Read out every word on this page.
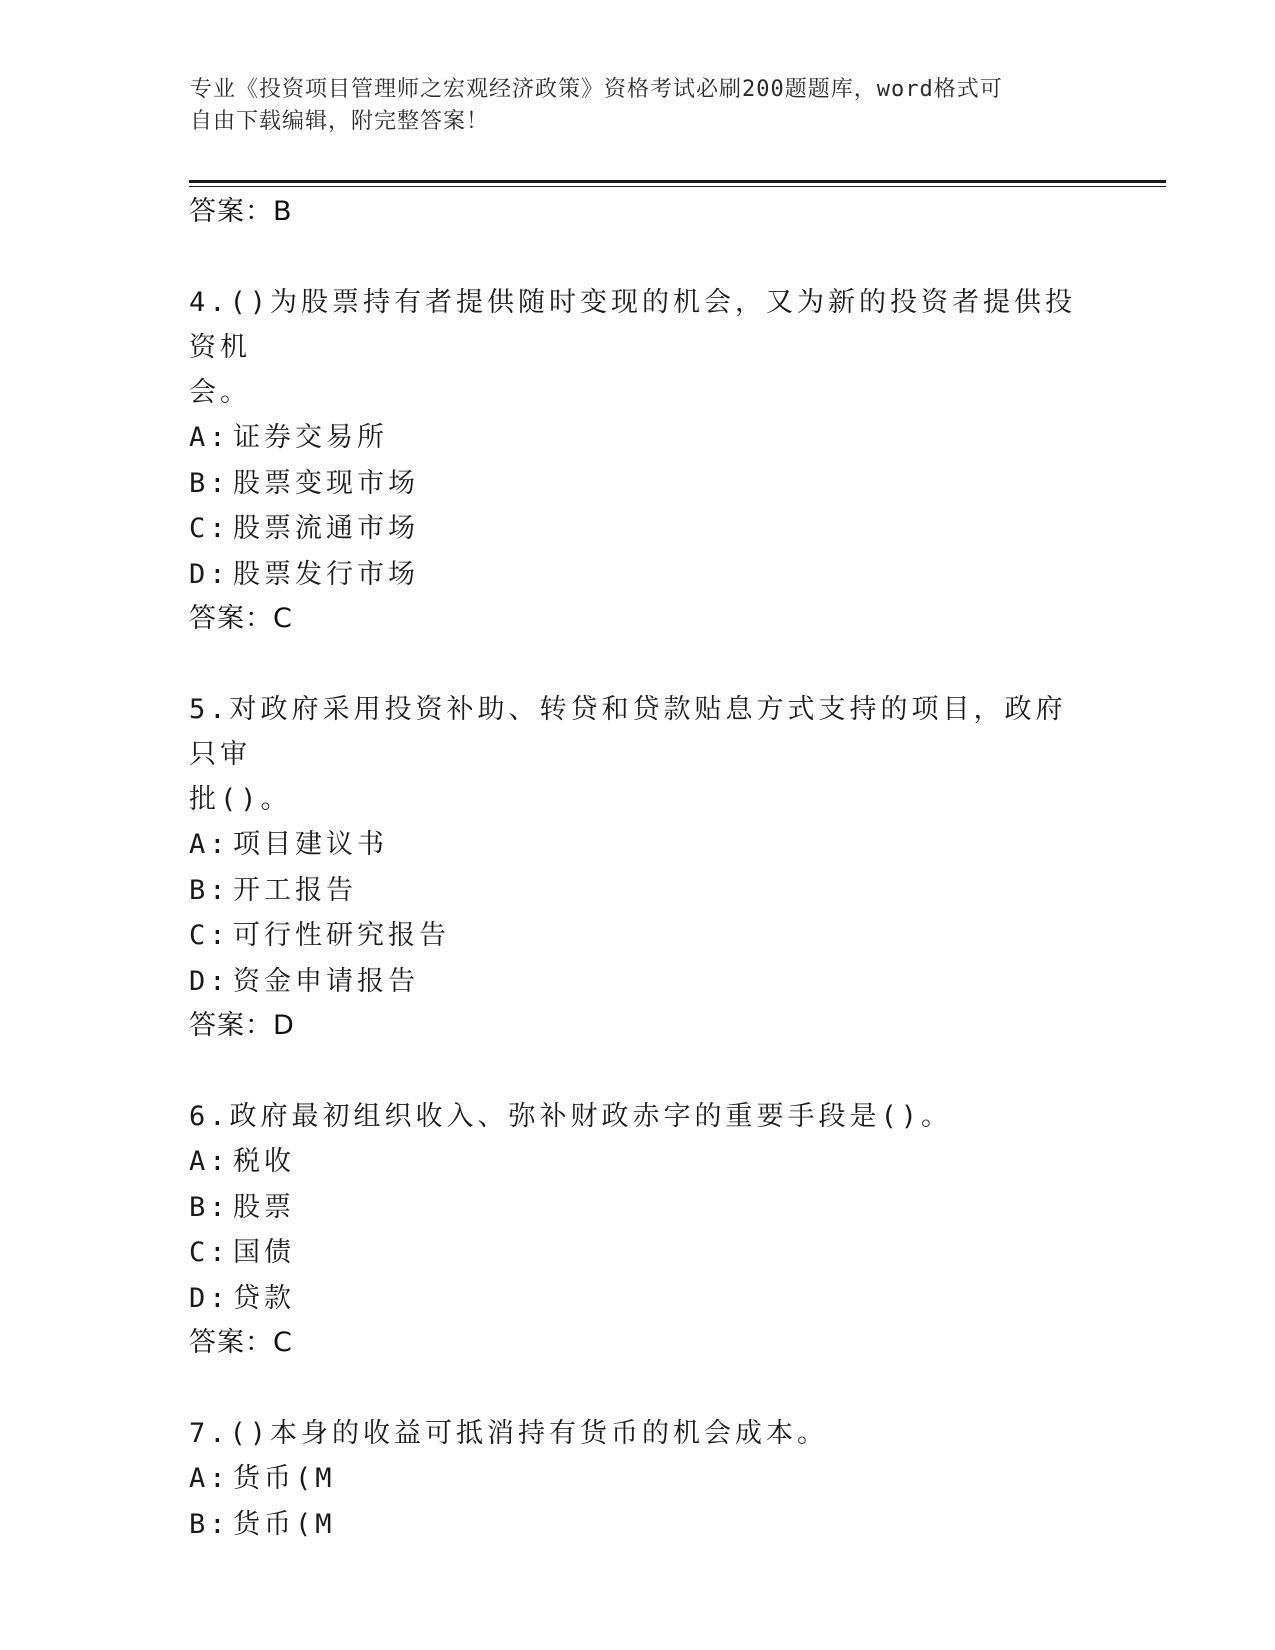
专业《投资项目管理师之宏观经济政策》资格考试必刷200题题库，word格式可
自由下载编辑，附完整答案！

答案：B

4.()为股票持有者提供随时变现的机会，又为新的投资者提供投资机

会。

A: 证券交易所

B: 股票变现市场

C: 股票流通市场

D: 股票发行市场

答案：C

5.对政府采用投资补助、转贷和贷款贴息方式支持的项目，政府只审

批()。

A: 项目建议书

B: 开工报告

C: 可行性研究报告

D: 资金申请报告

答案：D

6.政府最初组织收入、弥补财政赤字的重要手段是()。

A: 税收

B: 股票

C: 国债

D: 贷款

答案：C

7.()本身的收益可抵消持有货币的机会成本。

A: 货币(M

B: 货币(M
